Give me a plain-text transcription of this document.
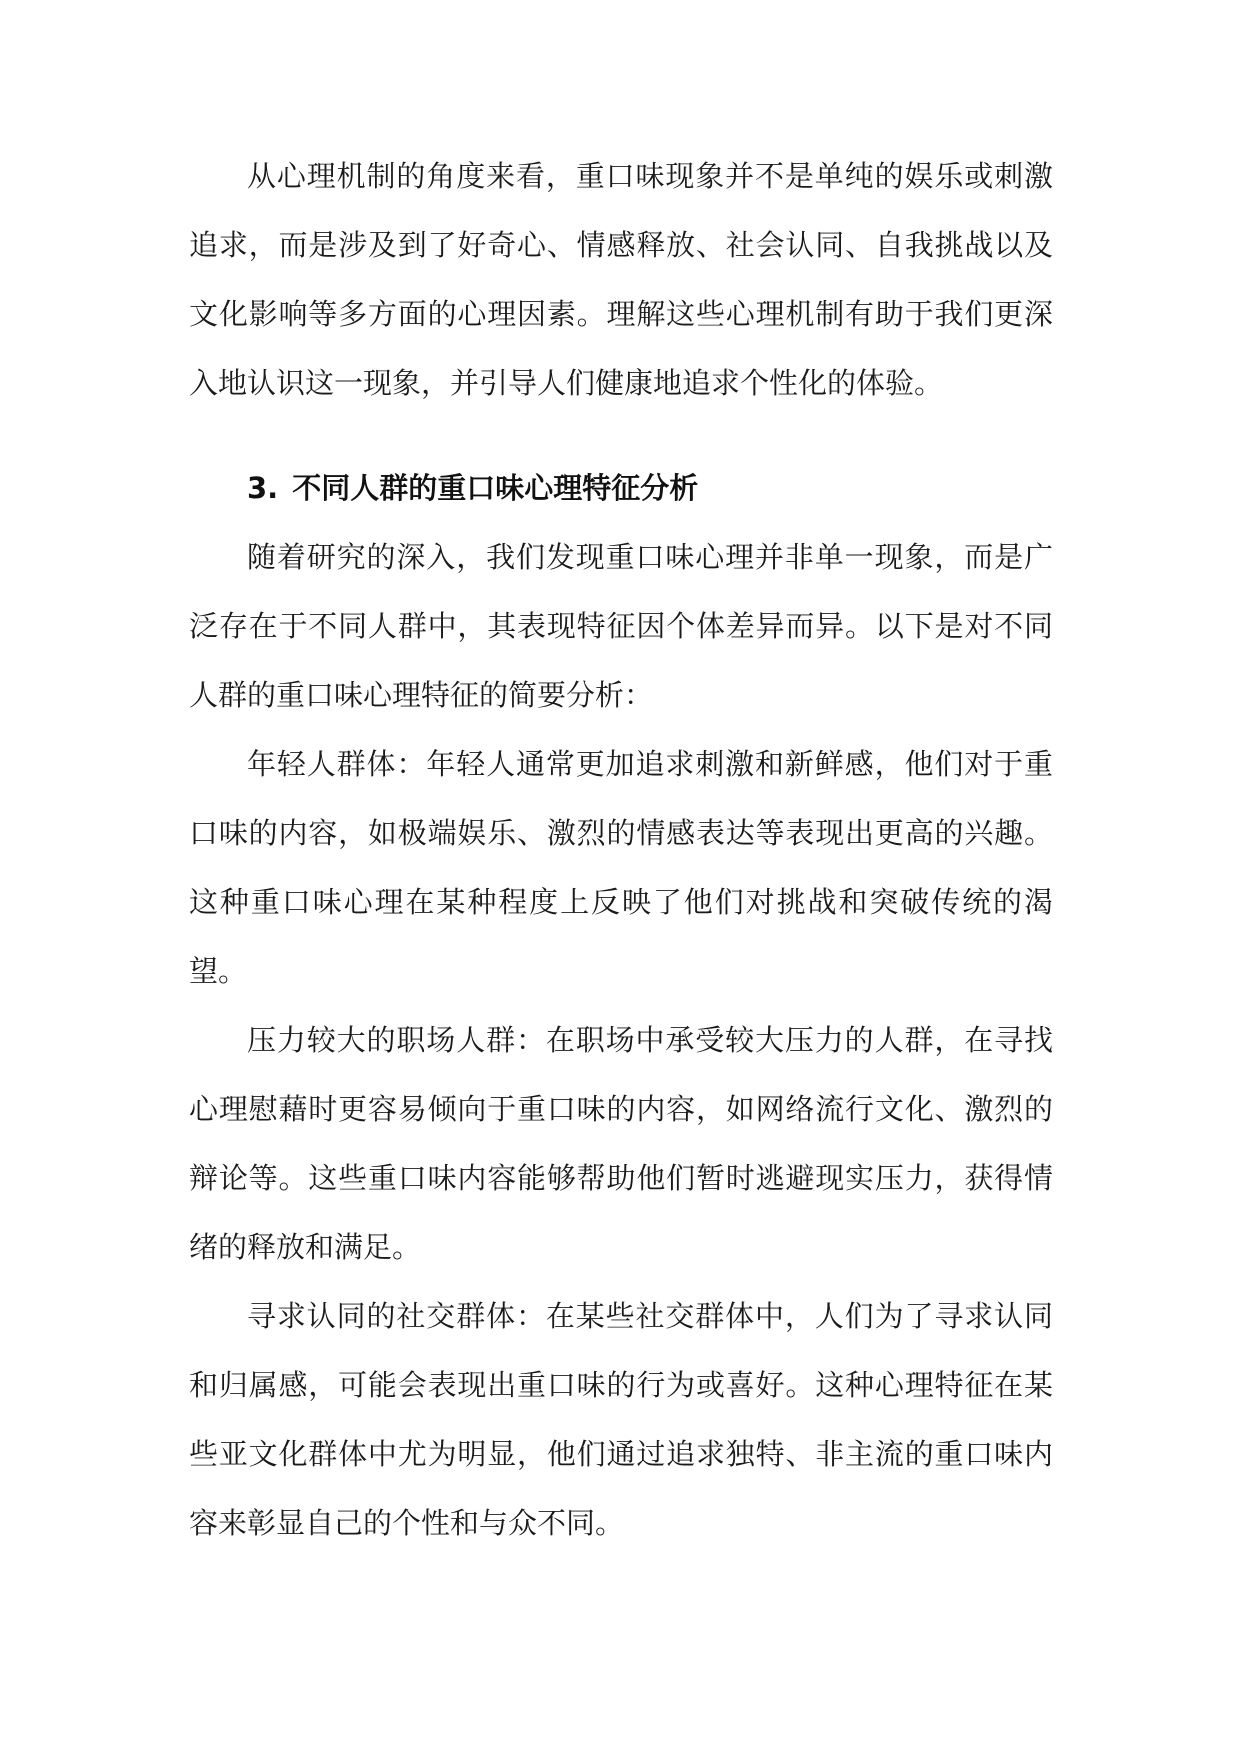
从心理机制的角度来看，重口味现象并不是单纯的娱乐或刺激追求，而是涉及到了好奇心、情感释放、社会认同、自我挑战以及文化影响等多方面的心理因素。理解这些心理机制有助于我们更深入地认识这一现象，并引导人们健康地追求个性化的体验。

3. 不同人群的重口味心理特征分析

随着研究的深入，我们发现重口味心理并非单一现象，而是广泛存在于不同人群中，其表现特征因个体差异而异。以下是对不同人群的重口味心理特征的简要分析：

年轻人群体：年轻人通常更加追求刺激和新鲜感，他们对于重口味的内容，如极端娱乐、激烈的情感表达等表现出更高的兴趣。这种重口味心理在某种程度上反映了他们对挑战和突破传统的渴望。

压力较大的职场人群：在职场中承受较大压力的人群，在寻找心理慰藉时更容易倾向于重口味的内容，如网络流行文化、激烈的辩论等。这些重口味内容能够帮助他们暂时逃避现实压力，获得情绪的释放和满足。

寻求认同的社交群体：在某些社交群体中，人们为了寻求认同和归属感，可能会表现出重口味的行为或喜好。这种心理特征在某些亚文化群体中尤为明显，他们通过追求独特、非主流的重口味内容来彰显自己的个性和与众不同。
